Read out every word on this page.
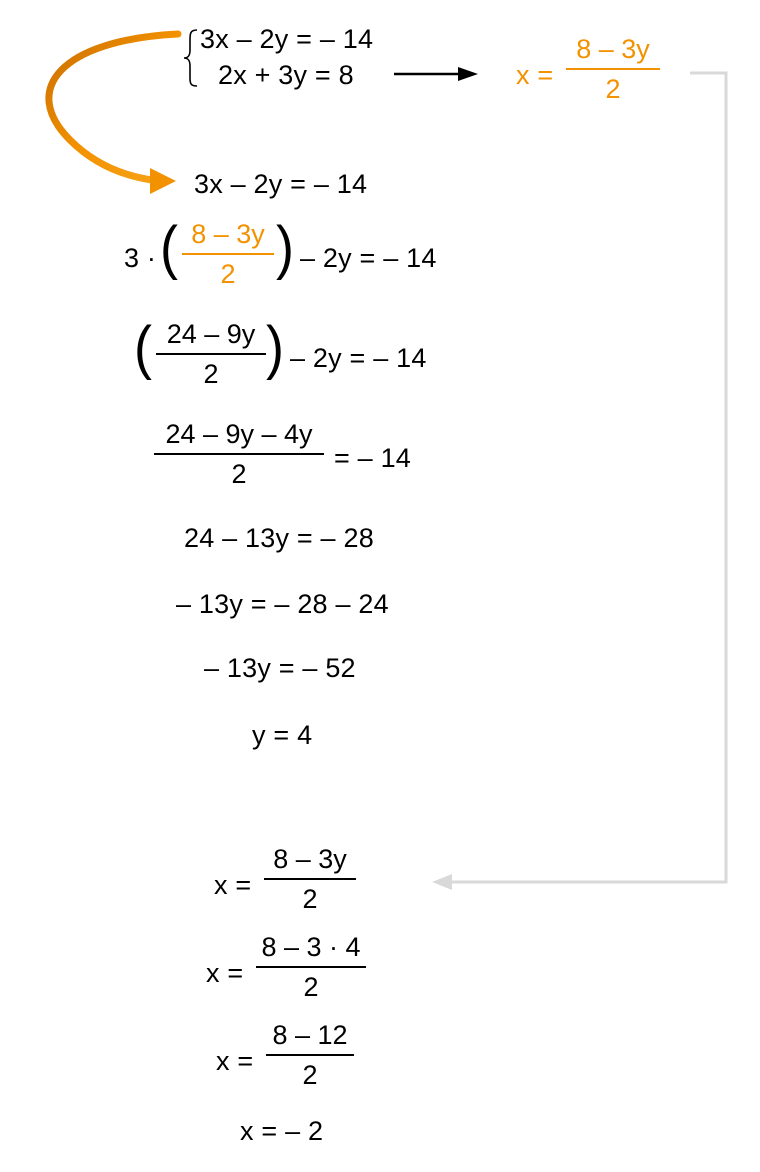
3x – 2y = – 14
2x + 3y = 8	x =
8 – 3y
2
3x – 2y = – 14
3 · ( 8 – 3y
2 ) – 2y = – 14
( 24 – 9y
2 ) – 2y = – 14
24 – 9y – 4y
2
= – 14
24 – 13y = – 28
– 13y = – 28 – 24
– 13y = – 52
y = 4
x =
8 – 3y
2
x =
8 – 3 · 4
2
x =
8 – 12
2
x = – 2
